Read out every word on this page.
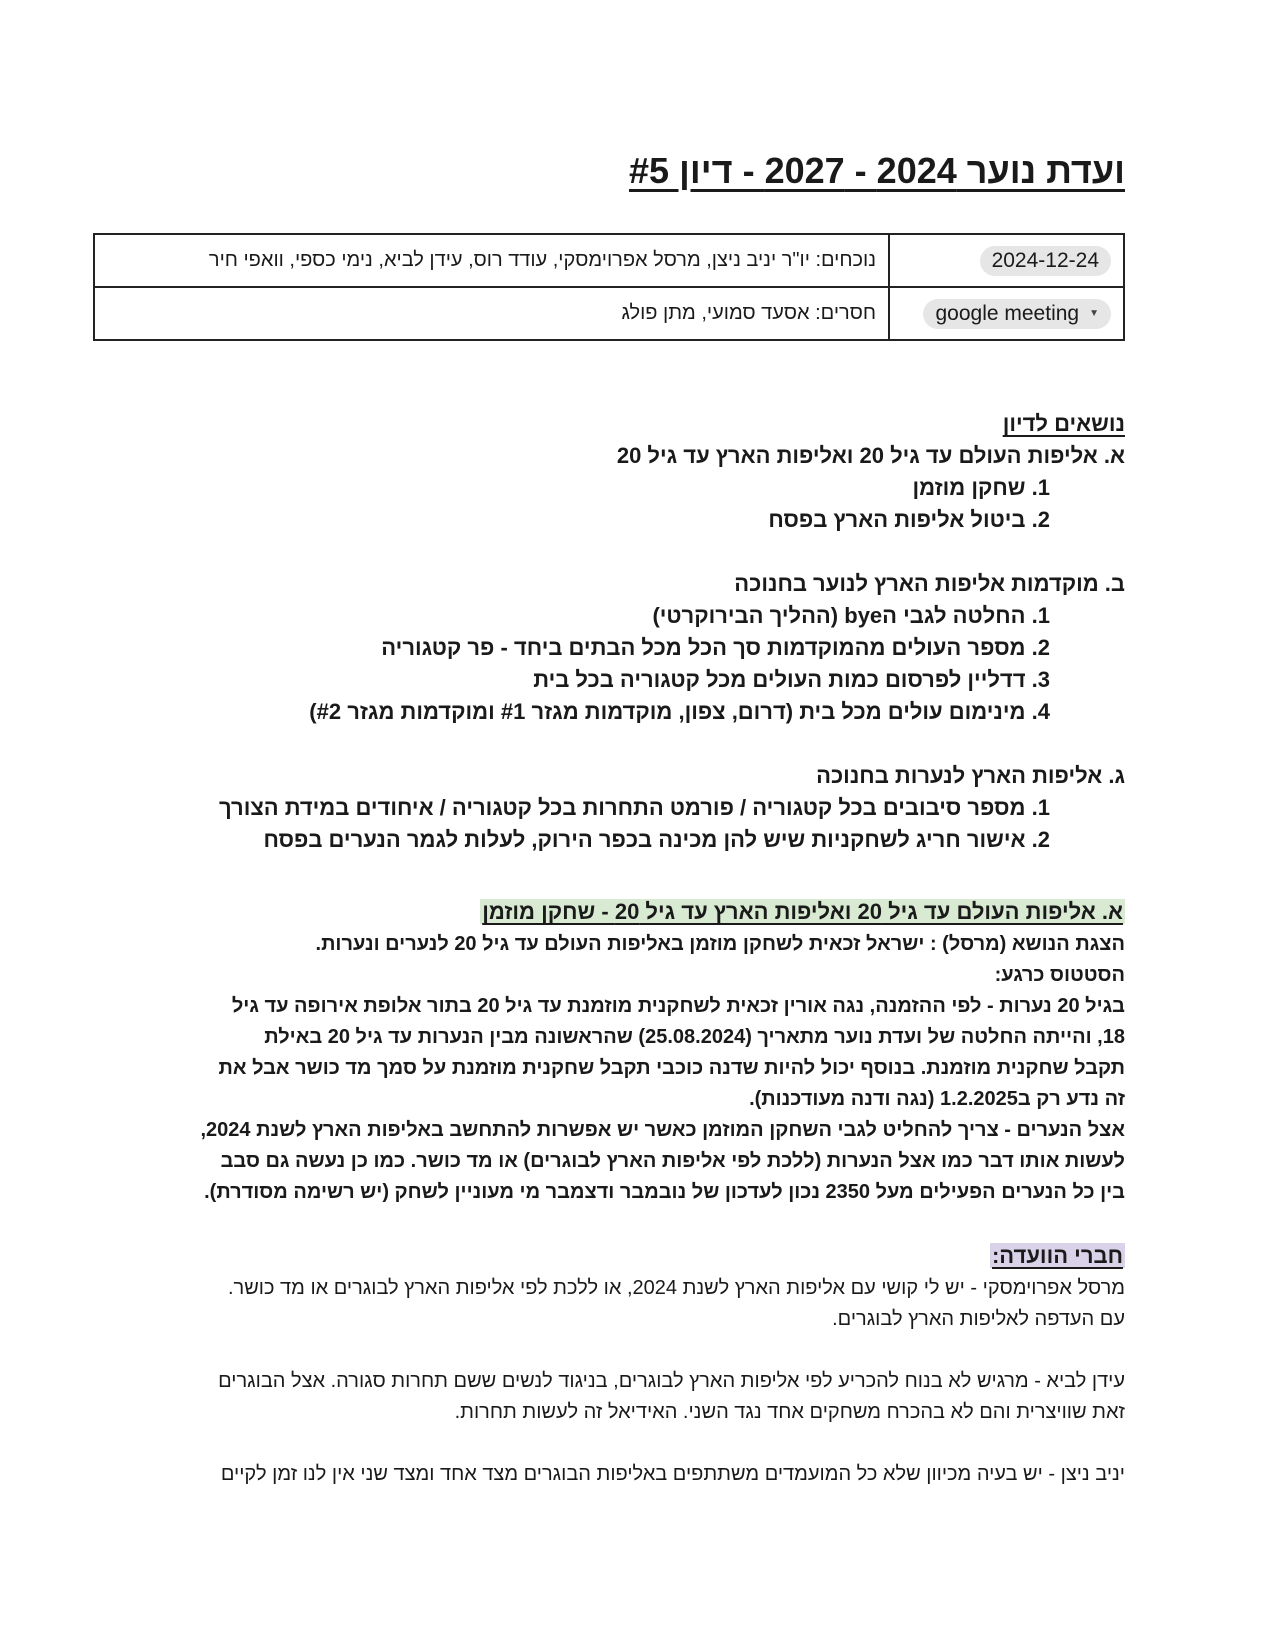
ועדת נוער 2024 - 2027 - דיון #5
2024-12-24	נוכחים: יו"ר יניב ניצן, מרסל אפרוימסקי, עודד רוס, עידן לביא, נימי כספי, וואפי חיר
google meeting ▼	חסרים: אסעד סמועי, מתן פולג
נושאים לדיון
א. אליפות העולם עד גיל 20 ואליפות הארץ עד גיל 20
1. שחקן מוזמן
2. ביטול אליפות הארץ בפסח
ב. מוקדמות אליפות הארץ לנוער בחנוכה
1. החלטה לגבי הbye (ההליך הבירוקרטי)
2. מספר העולים מהמוקדמות סך הכל מכל הבתים ביחד - פר קטגוריה
3. דדליין לפרסום כמות העולים מכל קטגוריה בכל בית
4. מינימום עולים מכל בית (דרום, צפון, מוקדמות מגזר #1 ומוקדמות מגזר #2)
ג. אליפות הארץ לנערות בחנוכה
1. מספר סיבובים בכל קטגוריה / פורמט התחרות בכל קטגוריה / איחודים במידת הצורך
2. אישור חריג לשחקניות שיש להן מכינה בכפר הירוק, לעלות לגמר הנערים בפסח
א. אליפות העולם עד גיל 20 ואליפות הארץ עד גיל 20 - שחקן מוזמן

הצגת הנושא (מרסל) : ישראל זכאית לשחקן מוזמן באליפות העולם עד גיל 20 לנערים ונערות.

הסטטוס כרגע:

בגיל 20 נערות - לפי ההזמנה, נגה אורין זכאית לשחקנית מוזמנת עד גיל 20 בתור אלופת אירופה עד גיל

18, והייתה החלטה של ועדת נוער מתאריך (25.08.2024) שהראשונה מבין הנערות עד גיל 20 באילת

תקבל שחקנית מוזמנת. בנוסף יכול להיות שדנה כוכבי תקבל שחקנית מוזמנת על סמך מד כושר אבל את

זה נדע רק ב1.2.2025 (נגה ודנה מעודכנות).

אצל הנערים - צריך להחליט לגבי השחקן המוזמן כאשר יש אפשרות להתחשב באליפות הארץ לשנת 2024,

לעשות אותו דבר כמו אצל הנערות (ללכת לפי אליפות הארץ לבוגרים) או מד כושר. כמו כן נעשה גם סבב

בין כל הנערים הפעילים מעל 2350 נכון לעדכון של נובמבר ודצמבר מי מעוניין לשחק (יש רשימה מסודרת).

חברי הוועדה:

מרסל אפרוימסקי - יש לי קושי עם אליפות הארץ לשנת 2024, או ללכת לפי אליפות הארץ לבוגרים או מד כושר.

עם העדפה לאליפות הארץ לבוגרים.

עידן לביא - מרגיש לא בנוח להכריע לפי אליפות הארץ לבוגרים, בניגוד לנשים ששם תחרות סגורה. אצל הבוגרים

זאת שוויצרית והם לא בהכרח משחקים אחד נגד השני. האידיאל זה לעשות תחרות.

יניב ניצן - יש בעיה מכיוון שלא כל המועמדים משתתפים באליפות הבוגרים מצד אחד ומצד שני אין לנו זמן לקיים
